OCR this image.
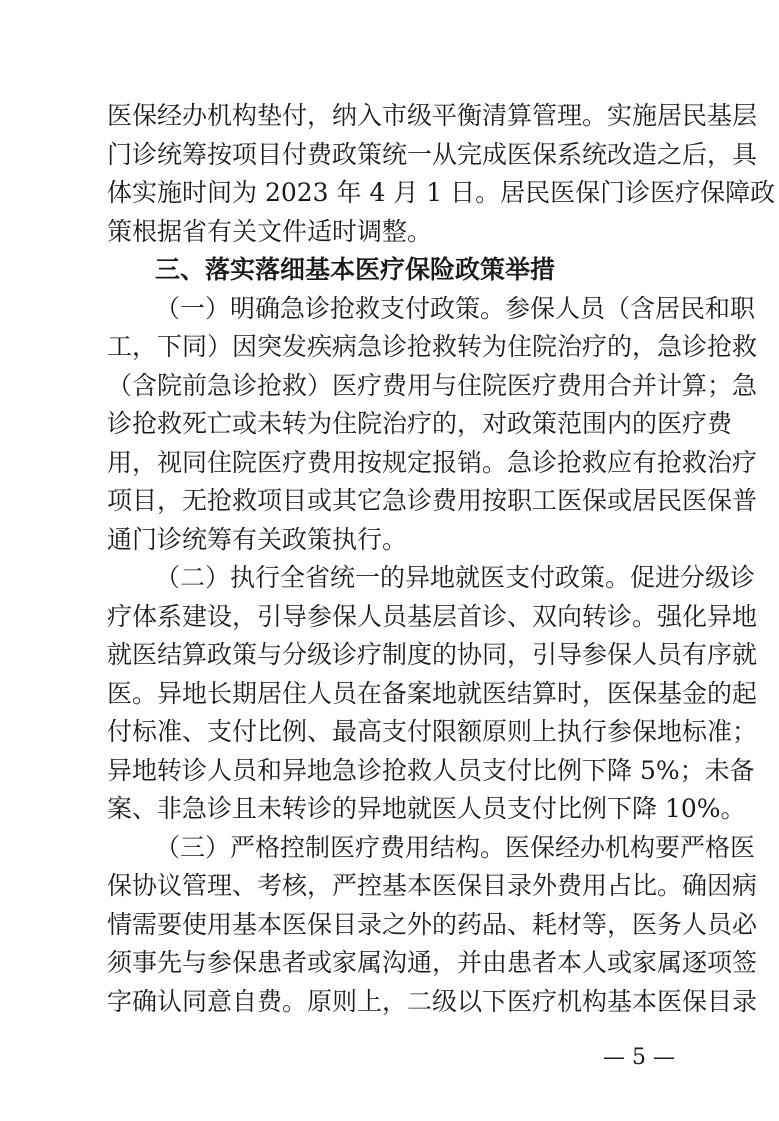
医保经办机构垫付，纳入市级平衡清算管理。实施居民基层
门诊统筹按项目付费政策统一从完成医保系统改造之后，具
体实施时间为 2023 年 4 月 1 日。居民医保门诊医疗保障政
策根据省有关文件适时调整。
三、落实落细基本医疗保险政策举措
（一）明确急诊抢救支付政策。参保人员（含居民和职
工，下同）因突发疾病急诊抢救转为住院治疗的，急诊抢救
（含院前急诊抢救）医疗费用与住院医疗费用合并计算；急
诊抢救死亡或未转为住院治疗的，对政策范围内的医疗费
用，视同住院医疗费用按规定报销。急诊抢救应有抢救治疗
项目，无抢救项目或其它急诊费用按职工医保或居民医保普
通门诊统筹有关政策执行。
（二）执行全省统一的异地就医支付政策。促进分级诊
疗体系建设，引导参保人员基层首诊、双向转诊。强化异地
就医结算政策与分级诊疗制度的协同，引导参保人员有序就
医。异地长期居住人员在备案地就医结算时，医保基金的起
付标准、支付比例、最高支付限额原则上执行参保地标准；
异地转诊人员和异地急诊抢救人员支付比例下降 5%；未备
案、非急诊且未转诊的异地就医人员支付比例下降 10%。
（三）严格控制医疗费用结构。医保经办机构要严格医
保协议管理、考核，严控基本医保目录外费用占比。确因病
情需要使用基本医保目录之外的药品、耗材等，医务人员必
须事先与参保患者或家属沟通，并由患者本人或家属逐项签
字确认同意自费。原则上，二级以下医疗机构基本医保目录
— 5 —
